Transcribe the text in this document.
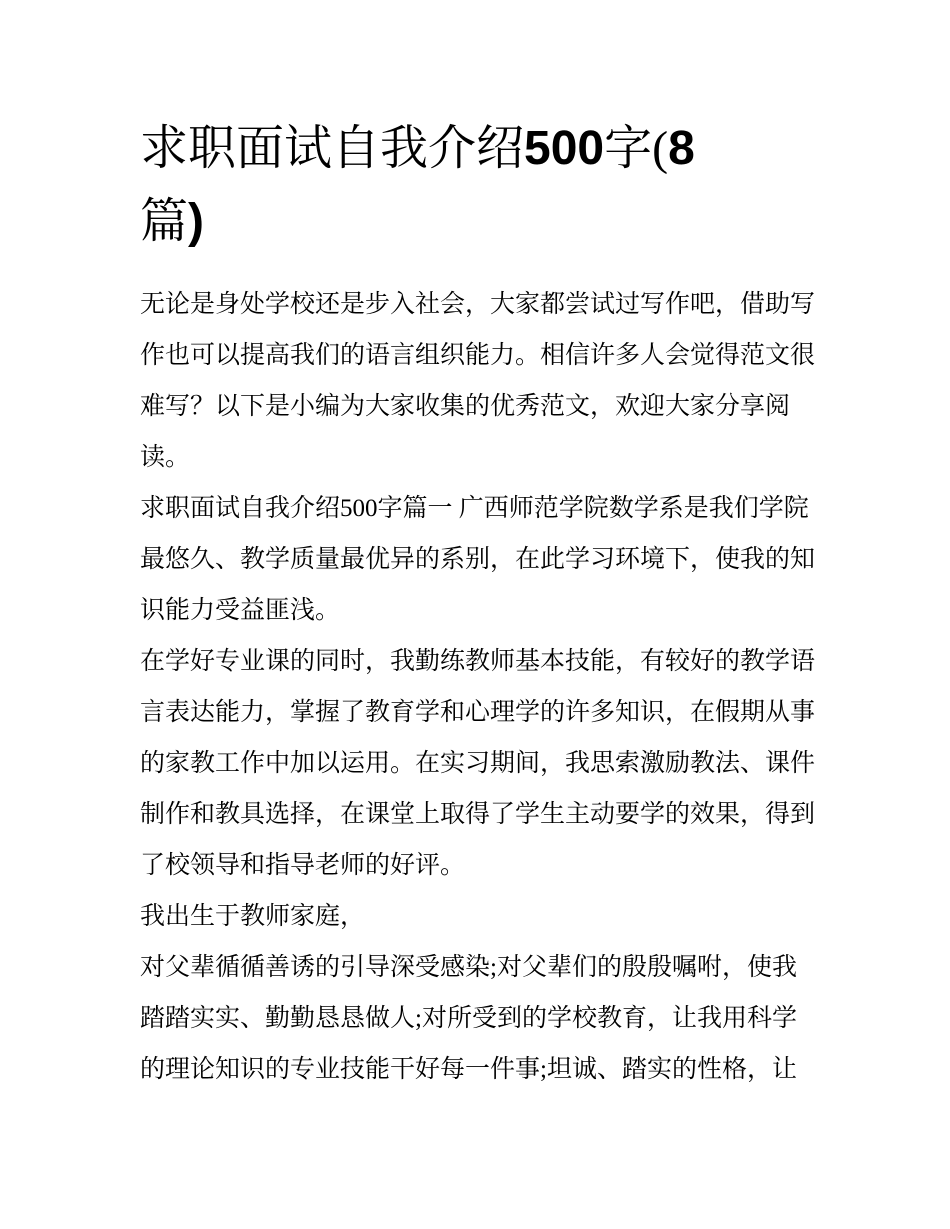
求职面试自我介绍500字(8
篇)

无论是身处学校还是步入社会，大家都尝试过写作吧，借助写作也可以提高我们的语言组织能力。相信许多人会觉得范文很难写？以下是小编为大家收集的优秀范文，欢迎大家分享阅读。

求职面试自我介绍500字篇一 广西师范学院数学系是我们学院最悠久、教学质量最优异的系别，在此学习环境下，使我的知识能力受益匪浅。

在学好专业课的同时，我勤练教师基本技能，有较好的教学语言表达能力，掌握了教育学和心理学的许多知识，在假期从事的家教工作中加以运用。在实习期间，我思索激励教法、课件制作和教具选择，在课堂上取得了学生主动要学的效果，得到了校领导和指导老师的好评。

我出生于教师家庭，

对父辈循循善诱的引导深受感染;对父辈们的殷殷嘱咐，使我踏踏实实、勤勤恳恳做人;对所受到的学校教育，让我用科学的理论知识的专业技能干好每一件事;坦诚、踏实的性格，让
